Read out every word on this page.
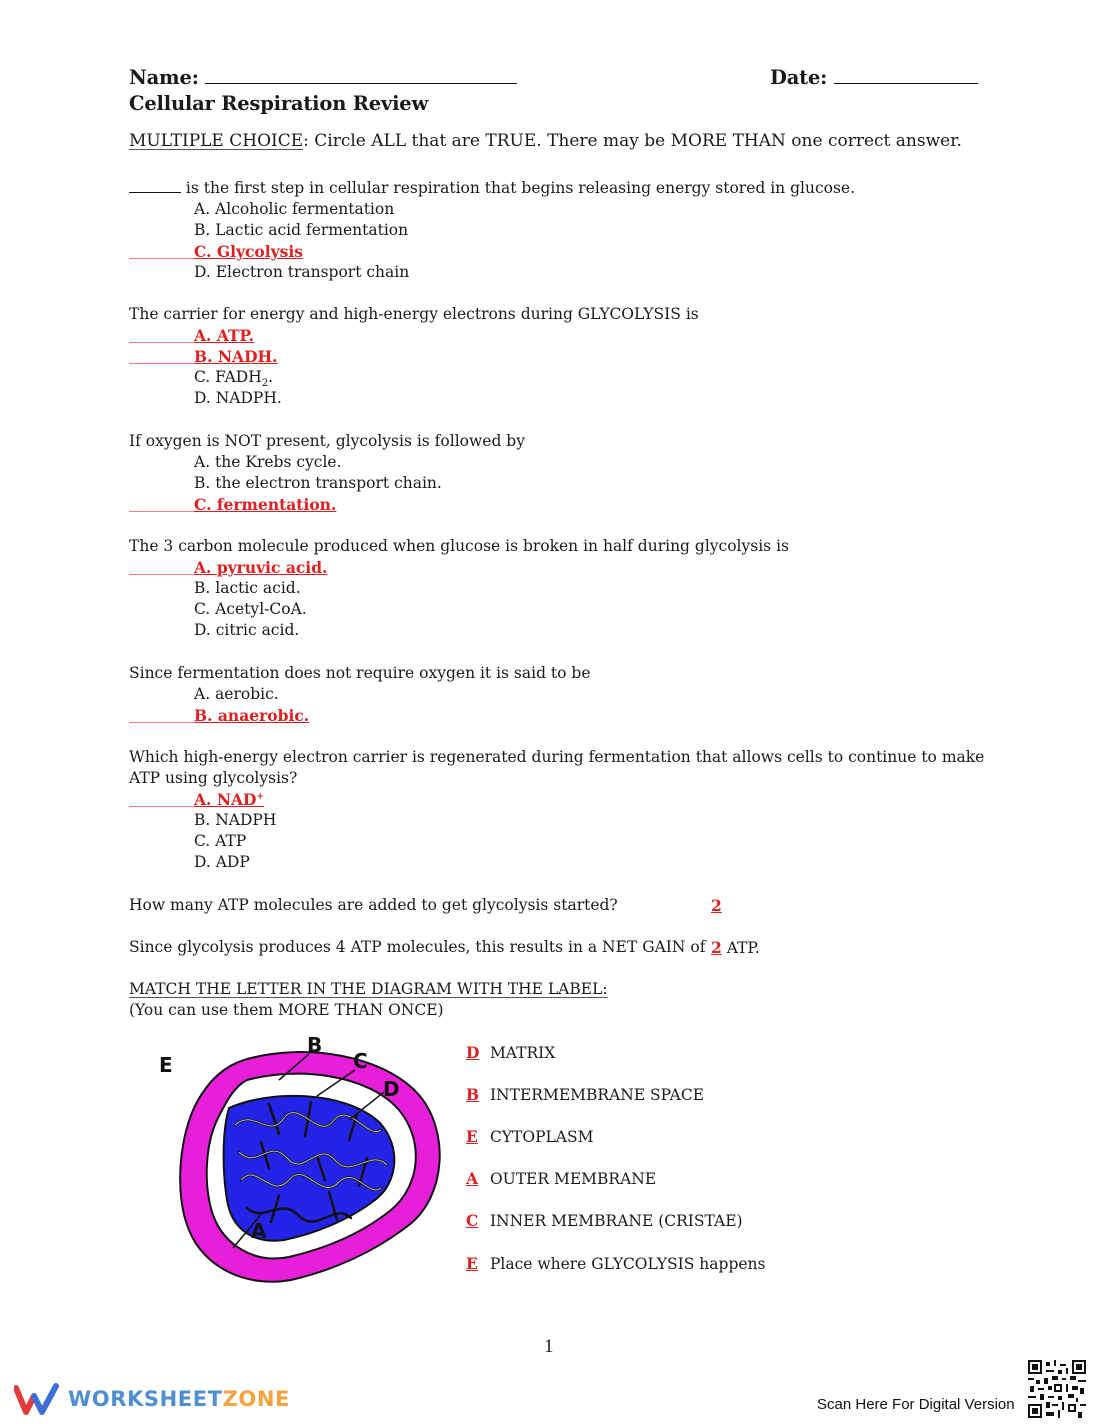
Name:	Date:
Cellular Respiration Review
MULTIPLE CHOICE: Circle ALL that are TRUE. There may be MORE THAN one correct answer.
is the first step in cellular respiration that begins releasing energy stored in glucose.
A. Alcoholic fermentation
B. Lactic acid fermentation
C. Glycolysis
D. Electron transport chain
The carrier for energy and high-energy electrons during GLYCOLYSIS is
A. ATP.
B. NADH.
C. $FADH_2$.
D. NADPH.
If oxygen is NOT present, glycolysis is followed by
A. the Krebs cycle.
B. the electron transport chain.
C. fermentation.
The 3 carbon molecule produced when glucose is broken in half during glycolysis is
A. pyruvic acid.
B. lactic acid.
C. Acetyl-CoA.
D. citric acid.
Since fermentation does not require oxygen it is said to be
A. aerobic.
B. anaerobic.
Which high-energy electron carrier is regenerated during fermentation that allows cells to continue to make
ATP using glycolysis?
A. NAD+
B. NADPH
C. ATP
D. ADP
How many ATP molecules are added to get glycolysis started?	2
Since glycolysis produces 4 ATP molecules, this results in a NET GAIN of 2 ATP.
MATCH THE LETTER IN THE DIAGRAM WITH THE LABEL:
(You can use them MORE THAN ONCE)
E
B
C
D
A
D MATRIX
B INTERMEMBRANE SPACE
E CYTOPLASM
A OUTER MEMBRANE
C INNER MEMBRANE (CRISTAE)
E Place where GLYCOLYSIS happens
1
WORKSHEETZONE	Scan Here For Digital Version
